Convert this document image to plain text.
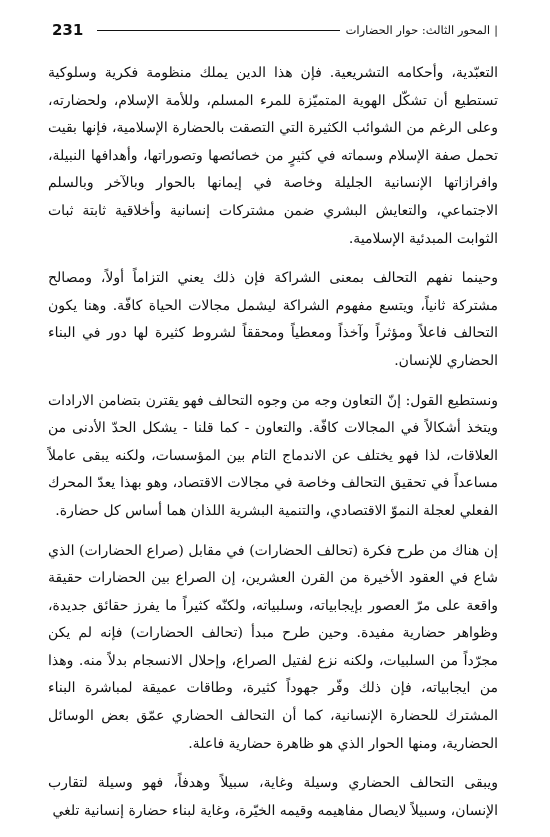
231	|المحور الثالث: حوار الحضارات

التعبّدية، وأحكامه التشريعية. فإن هذا الدين يملك منظومة فكرية وسلوكية تستطيع أن تشكّل الهوية المتميّزة للمرء المسلم، وللأمة الإسلام، ولحضارته، وعلى الرغم من الشوائب الكثيرة التي التصقت بالحضارة الإسلامية، فإنها بقيت تحمل صفة الإسلام وسماته في كثيرٍ من خصائصها وتصوراتها، وأهدافها النبيلة، وافرازاتها الإنسانية الجليلة وخاصة في إيمانها بالحوار وبالآخر وبالسلم الاجتماعي، والتعايش البشري ضمن مشتركات إنسانية وأخلاقية ثابتة ثبات الثوابت المبدئية الإسلامية.

وحينما نفهم التحالف بمعنى الشراكة فإن ذلك يعني التزاماً أولاً، ومصالح مشتركة ثانياً، ويتسع مفهوم الشراكة ليشمل مجالات الحياة كافّة. وهنا يكون التحالف فاعلاً ومؤثراً وآخذاً ومعطياً ومحققاً لشروط كثيرة لها دور في البناء الحضاري للإنسان.

ونستطيع القول: إنّ التعاون وجه من وجوه التحالف فهو يقترن بتضامن الارادات ويتخذ أشكالاً في المجالات كافّة. والتعاون - كما قلنا - يشكل الحدّ الأدنى من العلاقات، لذا فهو يختلف عن الاندماج التام بين المؤسسات، ولكنه يبقى عاملاً مساعداً في تحقيق التحالف وخاصة في مجالات الاقتصاد، وهو بهذا يعدّ المحرك الفعلي لعجلة النموّ الاقتصادي، والتنمية البشرية اللذان هما أساس كل حضارة.

إن هناك من طرح فكرة (تحالف الحضارات) في مقابل (صراع الحضارات) الذي شاع في العقود الأخيرة من القرن العشرين، إن الصراع بين الحضارات حقيقة واقعة على مرّ العصور بإيجابياته، وسلبياته، ولكنّه كثيراً ما يفرز حقائق جديدة، وظواهر حضارية مفيدة. وحين طرح مبدأ (تحالف الحضارات) فإنه لم يكن مجرّداً من السلبيات، ولكنه نزع لفتيل الصراع، وإحلال الانسجام بدلاً منه. وهذا من ايجابياته، فإن ذلك وفّر جهوداً كثيرة، وطاقات عميقة لمباشرة البناء المشترك للحضارة الإنسانية، كما أن التحالف الحضاري عمّق بعض الوسائل الحضارية، ومنها الحوار الذي هو ظاهرة حضارية فاعلة.

ويبقى التحالف الحضاري وسيلة وغاية، سبيلاً وهدفاً، فهو وسيلة لتقارب الإنسان، وسبيلاً لايصال مفاهيمه وقيمه الخيّرة، وغاية لبناء حضارة إنسانية تلغي
